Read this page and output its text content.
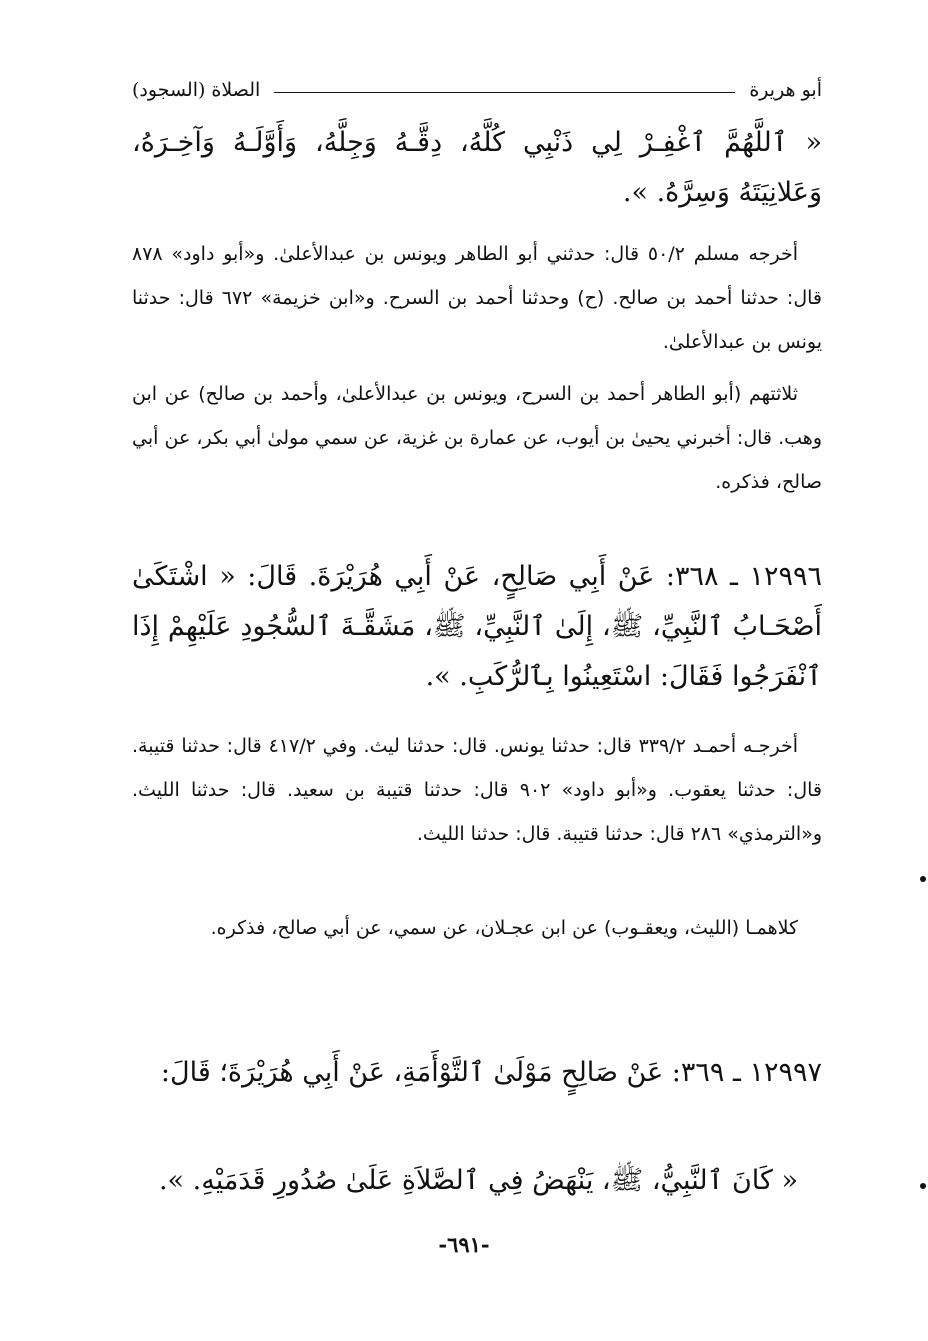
الصلاة (السجود)	أبو هريرة
« ٱللَّهُمَّ ٱغْفِـرْ لِي ذَنْبِي كُلَّهُ، دِقَّـهُ وَجِلَّهُ، وَأَوَّلَـهُ وَآخِـرَهُ، وَعَلانِيَتَهُ وَسِرَّهُ. ».
أخرجه مسلم ٥٠/٢ قال: حدثني أبو الطاهر ويونس بن عبدالأعلىٰ. و«أبو داود» ٨٧٨ قال: حدثنا أحمد بن صالح. (ح) وحدثنا أحمد بن السرح. و«ابن خزيمة» ٦٧٢ قال: حدثنا يونس بن عبدالأعلىٰ.
ثلاثتهم (أبو الطاهر أحمد بن السرح، ويونس بن عبدالأعلىٰ، وأحمد بن صالح) عن ابن وهب. قال: أخبرني يحيىٰ بن أيوب، عن عمارة بن غزية، عن سمي مولىٰ أبي بكر، عن أبي صالح، فذكره.
١٢٩٩٦ ـ ٣٦٨: عَنْ أَبِي صَالِحٍ، عَنْ أَبِي هُرَيْرَةَ. قَالَ: « اشْتَكَىٰ أَصْحَـابُ ٱلنَّبِيِّ، ﷺ، إِلَىٰ ٱلنَّبِيِّ، ﷺ، مَشَقَّـةَ ٱلسُّجُودِ عَلَيْهِمْ إِذَا ٱنْفَرَجُوا فَقَالَ: اسْتَعِينُوا بِٱلرُّكَبِ. ».
أخرجـه أحمـد ٣٣٩/٢ قال: حدثنا يونس. قال: حدثنا ليث. وفي ٤١٧/٢ قال: حدثنا قتيبة. قال: حدثنا يعقوب. و«أبو داود» ٩٠٢ قال: حدثنا قتيبة بن سعيد. قال: حدثنا الليث. و«الترمذي» ٢٨٦ قال: حدثنا قتيبة. قال: حدثنا الليث.
كلاهمـا (الليث، ويعقـوب) عن ابن عجـلان، عن سمي، عن أبي صالح، فذكره.
١٢٩٩٧ ـ ٣٦٩: عَنْ صَالِحٍ مَوْلَىٰ ٱلتَّوْأَمَةِ، عَنْ أَبِي هُرَيْرَةَ؛ قَالَ:
« كَانَ ٱلنَّبِيُّ، ﷺ، يَنْهَضُ فِي ٱلصَّلاَةِ عَلَىٰ صُدُورِ قَدَمَيْهِ. ».
-٦٩١-
